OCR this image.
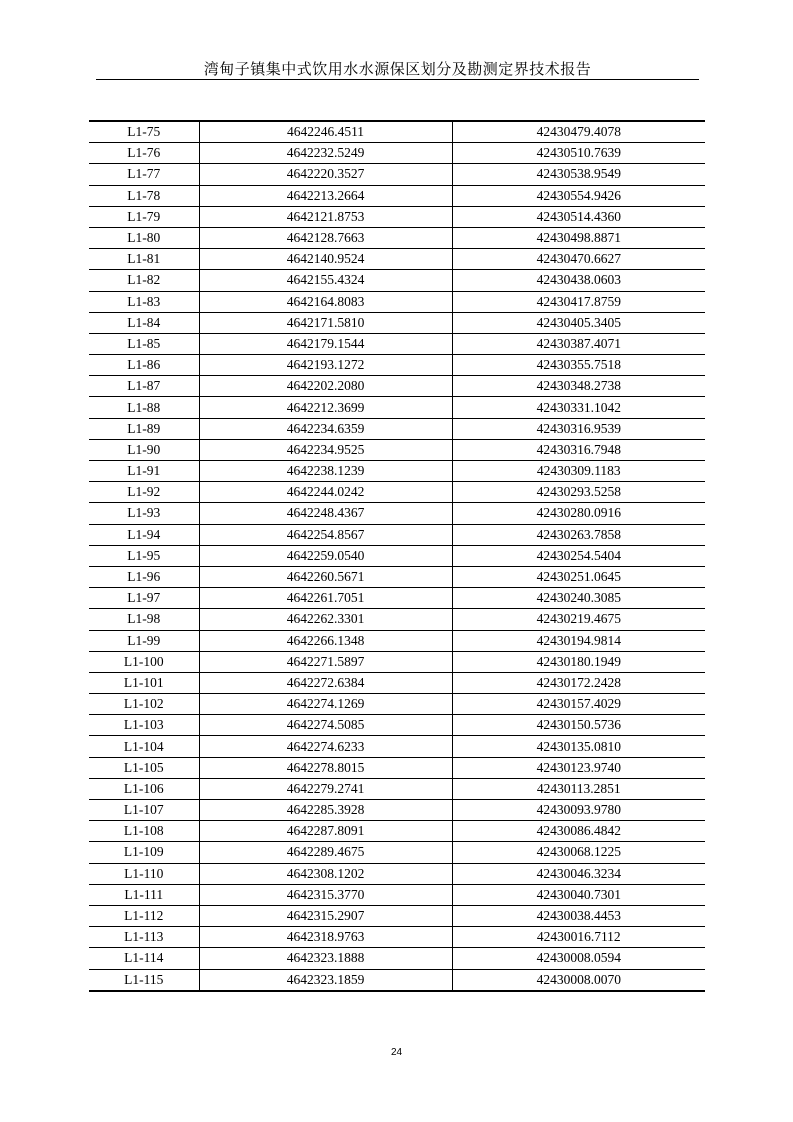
湾甸子镇集中式饮用水水源保区划分及勘测定界技术报告
L1-75	4642246.4511	42430479.4078
L1-76	4642232.5249	42430510.7639
L1-77	4642220.3527	42430538.9549
L1-78	4642213.2664	42430554.9426
L1-79	4642121.8753	42430514.4360
L1-80	4642128.7663	42430498.8871
L1-81	4642140.9524	42430470.6627
L1-82	4642155.4324	42430438.0603
L1-83	4642164.8083	42430417.8759
L1-84	4642171.5810	42430405.3405
L1-85	4642179.1544	42430387.4071
L1-86	4642193.1272	42430355.7518
L1-87	4642202.2080	42430348.2738
L1-88	4642212.3699	42430331.1042
L1-89	4642234.6359	42430316.9539
L1-90	4642234.9525	42430316.7948
L1-91	4642238.1239	42430309.1183
L1-92	4642244.0242	42430293.5258
L1-93	4642248.4367	42430280.0916
L1-94	4642254.8567	42430263.7858
L1-95	4642259.0540	42430254.5404
L1-96	4642260.5671	42430251.0645
L1-97	4642261.7051	42430240.3085
L1-98	4642262.3301	42430219.4675
L1-99	4642266.1348	42430194.9814
L1-100	4642271.5897	42430180.1949
L1-101	4642272.6384	42430172.2428
L1-102	4642274.1269	42430157.4029
L1-103	4642274.5085	42430150.5736
L1-104	4642274.6233	42430135.0810
L1-105	4642278.8015	42430123.9740
L1-106	4642279.2741	42430113.2851
L1-107	4642285.3928	42430093.9780
L1-108	4642287.8091	42430086.4842
L1-109	4642289.4675	42430068.1225
L1-110	4642308.1202	42430046.3234
L1-111	4642315.3770	42430040.7301
L1-112	4642315.2907	42430038.4453
L1-113	4642318.9763	42430016.7112
L1-114	4642323.1888	42430008.0594
L1-115	4642323.1859	42430008.0070
24
